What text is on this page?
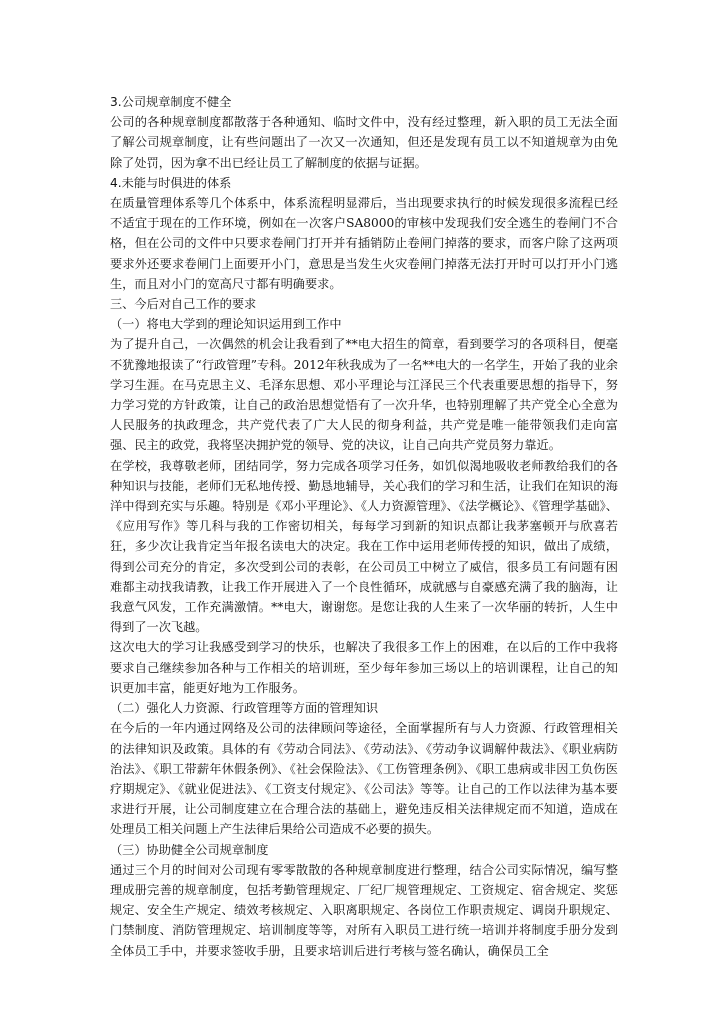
3.公司规章制度不健全

公司的各种规章制度都散落于各种通知、临时文件中，没有经过整理，新入职的员工无法全面了解公司规章制度，让有些问题出了一次又一次通知，但还是发现有员工以不知道规章为由免除了处罚，因为拿不出已经让员工了解制度的依据与证据。

4.未能与时俱进的体系

在质量管理体系等几个体系中，体系流程明显滞后，当出现要求执行的时候发现很多流程已经不适宜于现在的工作环境，例如在一次客户SA8000的审核中发现我们安全逃生的卷闸门不合格，但在公司的文件中只要求卷闸门打开并有插销防止卷闸门掉落的要求，而客户除了这两项要求外还要求卷闸门上面要开小门，意思是当发生火灾卷闸门掉落无法打开时可以打开小门逃生，而且对小门的宽高尺寸都有明确要求。

三、今后对自己工作的要求

（一）将电大学到的理论知识运用到工作中

为了提升自己，一次偶然的机会让我看到了**电大招生的简章，看到要学习的各项科目，便毫不犹豫地报读了“行政管理”专科。2012年秋我成为了一名**电大的一名学生，开始了我的业余学习生涯。在马克思主义、毛泽东思想、邓小平理论与江泽民三个代表重要思想的指导下，努力学习党的方针政策，让自己的政治思想觉悟有了一次升华，也特别理解了共产党全心全意为人民服务的执政理念，共产党代表了广大人民的彻身利益，共产党是唯一能带领我们走向富强、民主的政党，我将坚决拥护党的领导、党的决议，让自己向共产党员努力靠近。

在学校，我尊敬老师，团结同学，努力完成各项学习任务，如饥似渴地吸收老师教给我们的各种知识与技能，老师们无私地传授、勤恳地辅导，关心我们的学习和生活，让我们在知识的海洋中得到充实与乐趣。特别是《邓小平理论》、《人力资源管理》、《法学概论》、《管理学基础》、《应用写作》等几科与我的工作密切相关，每每学习到新的知识点都让我茅塞顿开与欣喜若狂，多少次让我肯定当年报名读电大的决定。我在工作中运用老师传授的知识，做出了成绩，得到公司充分的肯定，多次受到公司的表彰，在公司员工中树立了威信，很多员工有问题有困难都主动找我请教，让我工作开展进入了一个良性循环，成就感与自豪感充满了我的脑海，让我意气风发，工作充满激情。**电大，谢谢您。是您让我的人生来了一次华丽的转折，人生中得到了一次飞越。

这次电大的学习让我感受到学习的快乐，也解决了我很多工作上的困难，在以后的工作中我将要求自己继续参加各种与工作相关的培训班，至少每年参加三场以上的培训课程，让自己的知识更加丰富，能更好地为工作服务。

（二）强化人力资源、行政管理等方面的管理知识

在今后的一年内通过网络及公司的法律顾问等途径，全面掌握所有与人力资源、行政管理相关的法律知识及政策。具体的有《劳动合同法》、《劳动法》、《劳动争议调解仲裁法》、《职业病防治法》、《职工带薪年休假条例》、《社会保险法》、《工伤管理条例》、《职工患病或非因工负伤医疗期规定》、《就业促进法》、《工资支付规定》、《公司法》等等。让自己的工作以法律为基本要求进行开展，让公司制度建立在合理合法的基础上，避免违反相关法律规定而不知道，造成在处理员工相关问题上产生法律后果给公司造成不必要的损失。

（三）协助健全公司规章制度

通过三个月的时间对公司现有零零散散的各种规章制度进行整理，结合公司实际情况，编写整理成册完善的规章制度，包括考勤管理规定、厂纪厂规管理规定、工资规定、宿舍规定、奖惩规定、安全生产规定、绩效考核规定、入职离职规定、各岗位工作职责规定、调岗升职规定、门禁制度、消防管理规定、培训制度等等，对所有入职员工进行统一培训并将制度手册分发到全体员工手中，并要求签收手册，且要求培训后进行考核与签名确认，确保员工全
